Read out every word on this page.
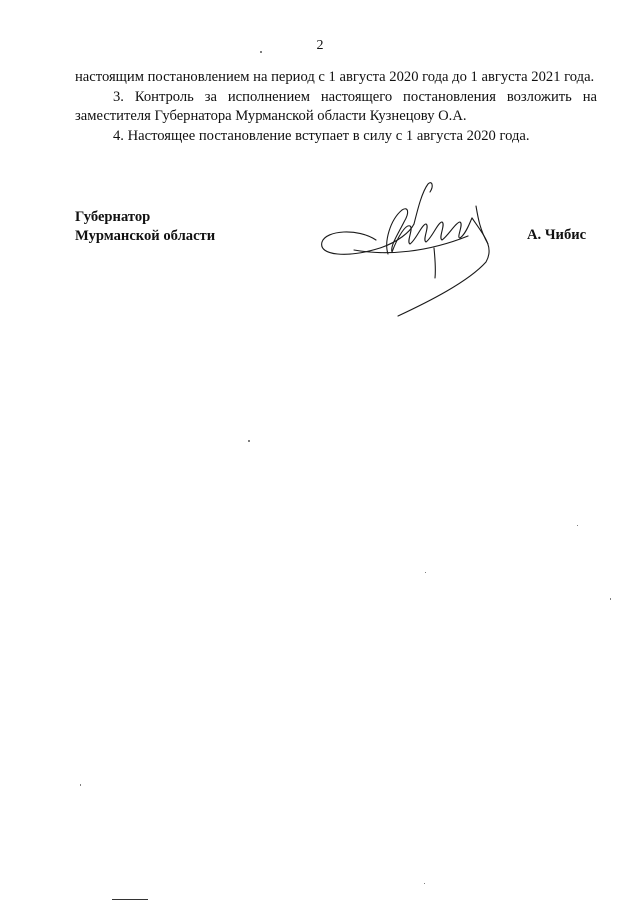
2

настоящим постановлением на период с 1 августа 2020 года до 1 августа 2021 года.

3. Контроль за исполнением настоящего постановления возложить на заместителя Губернатора Мурманской области Кузнецову О.А.

4. Настоящее постановление вступает в силу с 1 августа 2020 года.

Губернатор
Мурманской области	А. Чибис
